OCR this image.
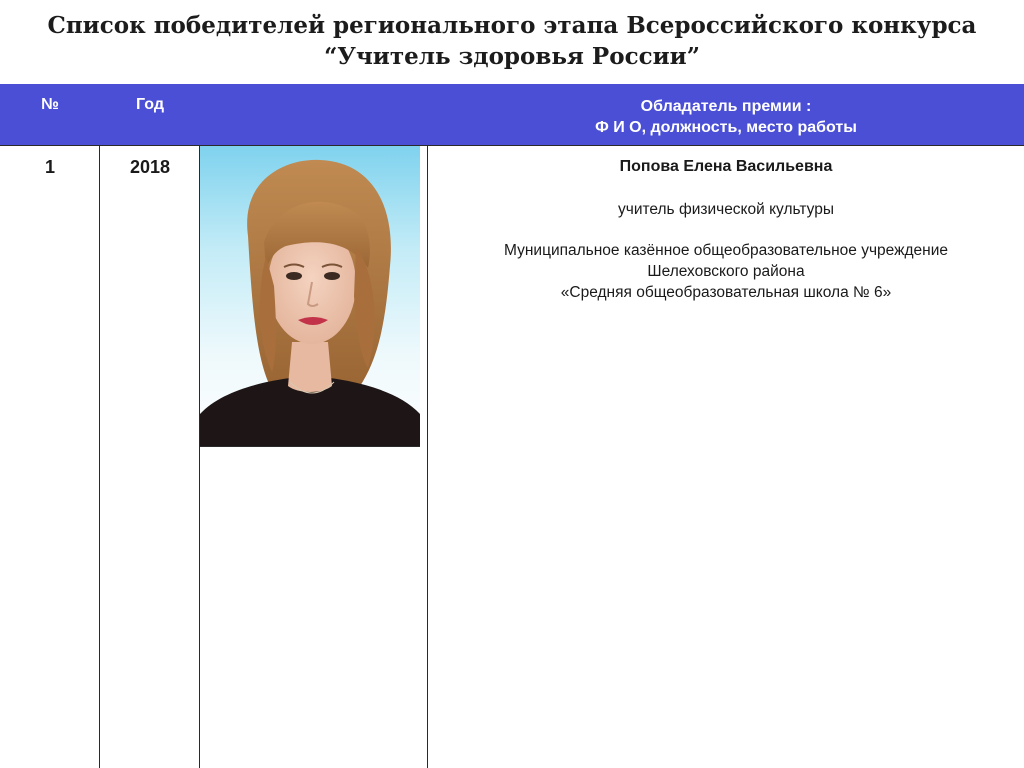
Список победителей регионального этапа Всероссийского конкурса
“Учитель здоровья России”
№	Год	Обладатель премии :
Ф И О, должность, место работы
1	2018	Попова Елена Васильевна
учитель физической культуры
Муниципальное казённое общеобразовательное учреждение
Шелеховского района
«Средняя общеобразовательная школа № 6»
